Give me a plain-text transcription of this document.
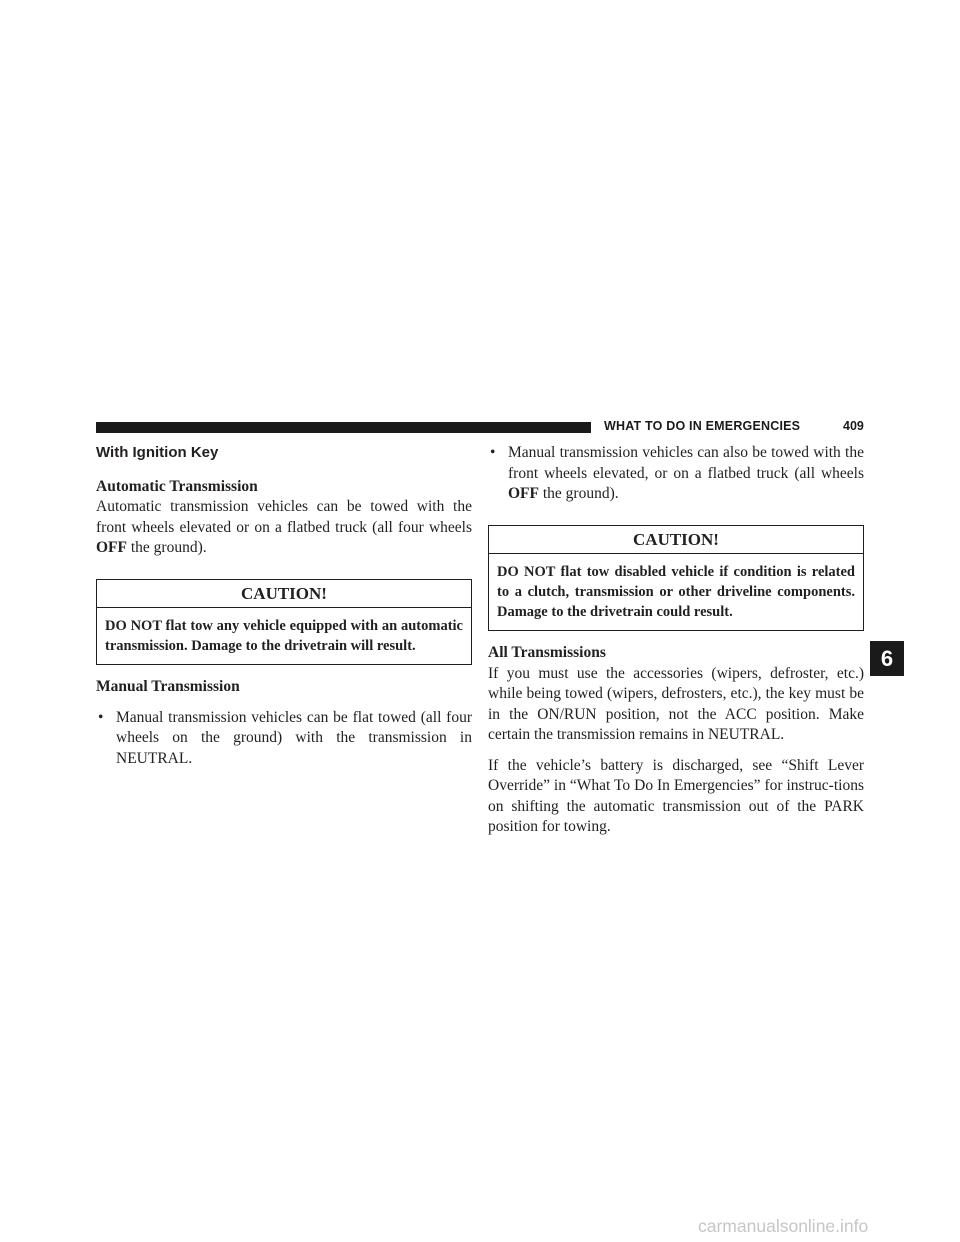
WHAT TO DO IN EMERGENCIES	409
With Ignition Key
Automatic Transmission

Automatic transmission vehicles can be towed with the front wheels elevated or on a flatbed truck (all four wheels OFF the ground).

CAUTION!
DO NOT flat tow any vehicle equipped with an automatic transmission. Damage to the drivetrain will result.
Manual Transmission
• Manual transmission vehicles can be flat towed (all four wheels on the ground) with the transmission in NEUTRAL.
• Manual transmission vehicles can also be towed with the front wheels elevated, or on a flatbed truck (all wheels OFF the ground).
CAUTION!
DO NOT flat tow disabled vehicle if condition is related to a clutch, transmission or other driveline components. Damage to the drivetrain could result.
All Transmissions

If you must use the accessories (wipers, defroster, etc.) while being towed (wipers, defrosters, etc.), the key must be in the ON/RUN position, not the ACC position. Make certain the transmission remains in NEUTRAL.

If the vehicle’s battery is discharged, see “Shift Lever Override” in “What To Do In Emergencies” for instruc-tions on shifting the automatic transmission out of the PARK position for towing.

6
carmanualsonline.info
